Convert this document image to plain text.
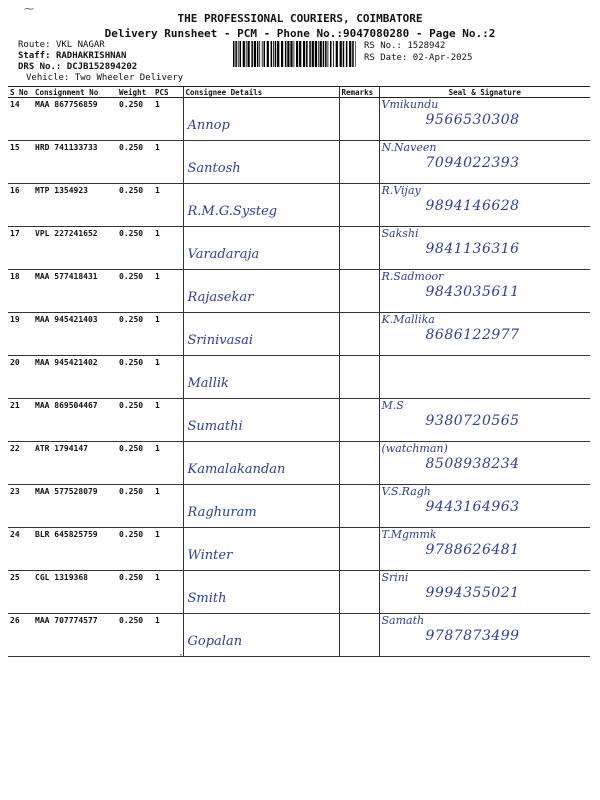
THE PROFESSIONAL COURIERS, COIMBATORE
Delivery Runsheet - PCM - Phone No.:9047080280 - Page No.:2
Route: VKL NAGAR
Staff: RADHAKRISHNAN
DRS No.: DCJB152894202
Vehicle: Two Wheeler Delivery
RS No.: 1528942
RS Date: 02-Apr-2025
S No	Consignment No	Weight	PCS	Consignee Details	Remarks	Seal & Signature
14	MAA 867756859	0.250	1	Annop		Vmikundu
9566530308

15	HRD 741133733	0.250	1	Santosh		N.Naveen
7094022393

16	MTP 1354923	0.250	1	R.M.G.Systeg		R.Vijay
9894146628

17	VPL 227241652	0.250	1	Varadaraja		Sakshi
9841136316

18	MAA 577418431	0.250	1	Rajasekar		R.Sadmoor
9843035611

19	MAA 945421403	0.250	1	Srinivasai		K.Mallika
8686122977

20	MAA 945421402	0.250	1	Mallik		

21	MAA 869504467	0.250	1	Sumathi		M.S
9380720565

22	ATR 1794147	0.250	1	Kamalakandan		(watchman)
8508938234

23	MAA 577528079	0.250	1	Raghuram		V.S.Ragh
9443164963

24	BLR 645825759	0.250	1	Winter		T.Mgmmk
9788626481

25	CGL 1319368	0.250	1	Smith		Srini
9994355021

26	MAA 707774577	0.250	1	Gopalan		Samath
9787873499
⁓
·
